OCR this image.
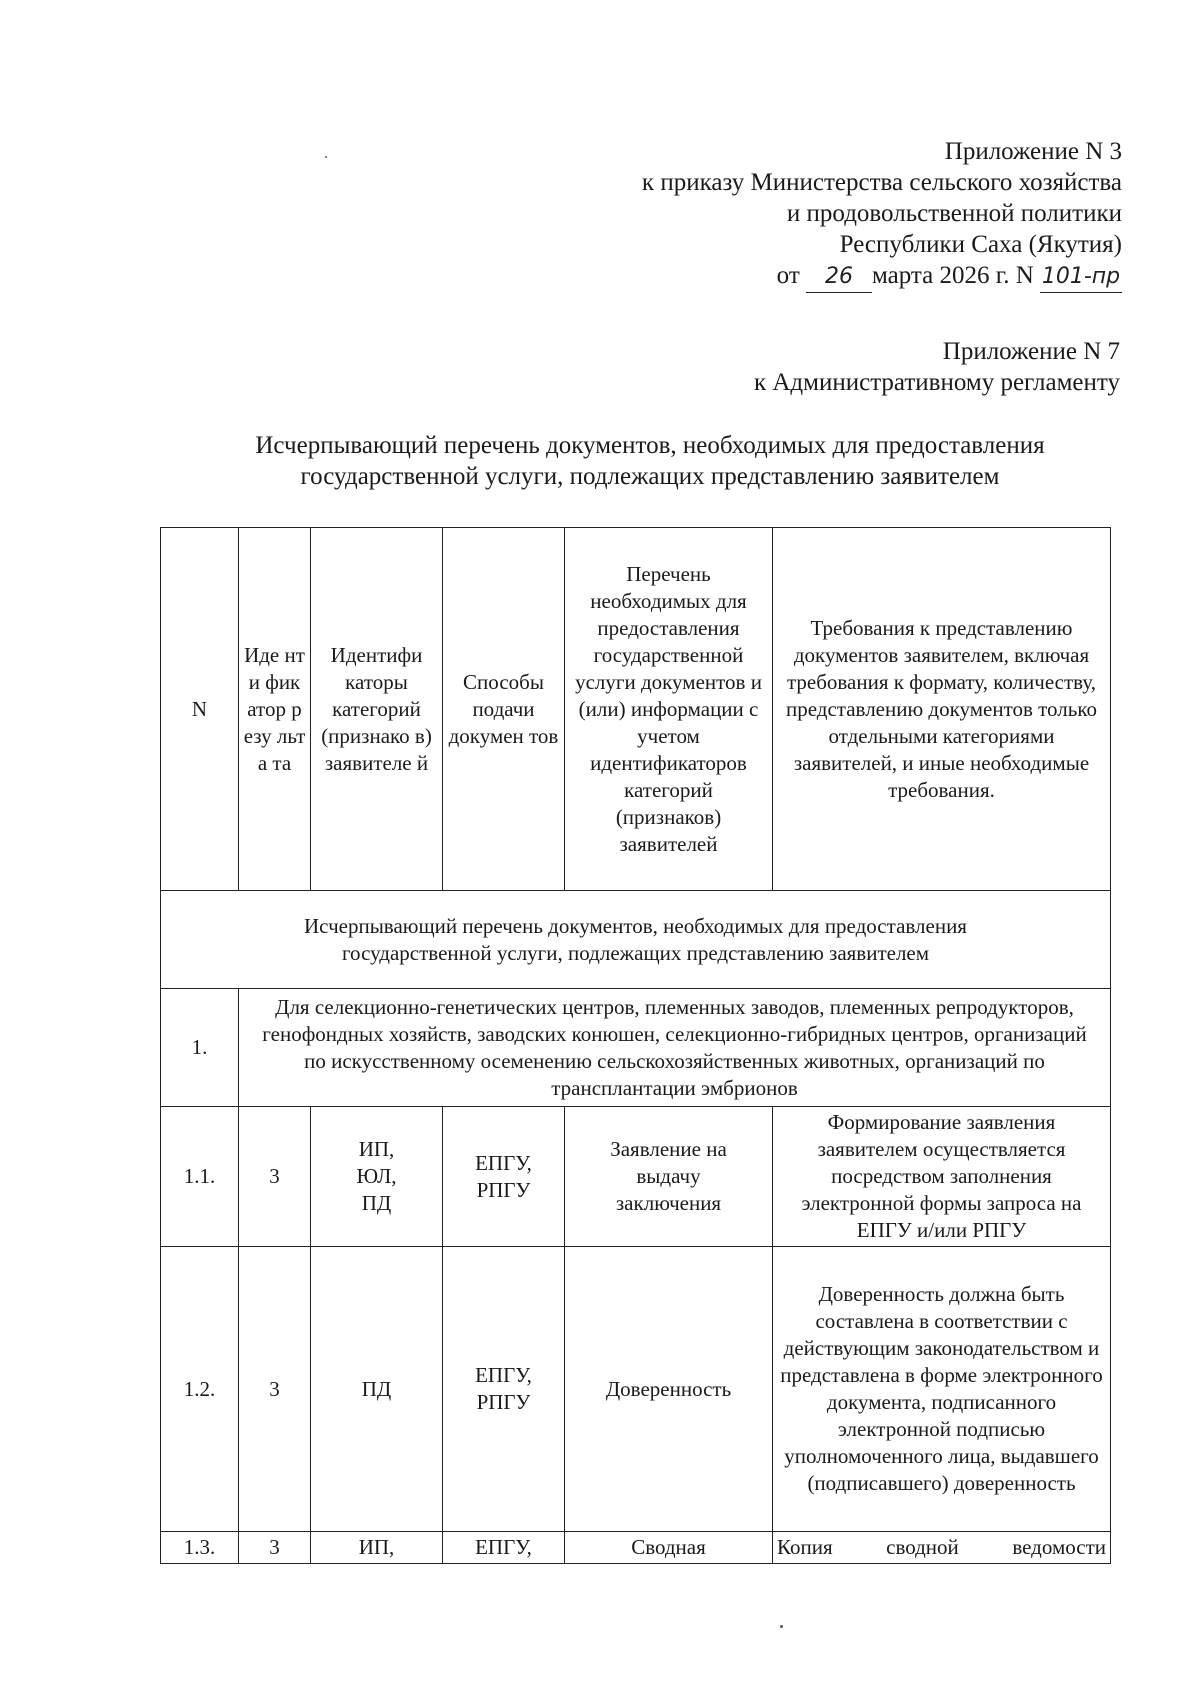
Приложение N 3
к приказу Министерства сельского хозяйства
и продовольственной политики
Республики Саха (Якутия)
от 26 марта 2026 г. N 101-пр
Приложение N 7
к Административному регламенту
Исчерпывающий перечень документов, необходимых для предоставления
государственной услуги, подлежащих представлению заявителем
N	Иде нти фик атор резу льта та	Идентифи каторы категорий (признако в) заявителе й	Способы подачи докумен тов	Перечень необходимых для предоставления государственной услуги документов и (или) информации с учетом идентификаторов категорий (признаков) заявителей	Требования к представлению документов заявителем, включая требования к формату, количеству, представлению документов только отдельными категориями заявителей, и иные необходимые требования.
Исчерпывающий перечень документов, необходимых для предоставления государственной услуги, подлежащих представлению заявителем					
1.	Для селекционно-генетических центров, племенных заводов, племенных репродукторов, генофондных хозяйств, заводских конюшен, селекционно-гибридных центров, организаций по искусственному осеменению сельскохозяйственных животных, организаций по трансплантации эмбрионов				
1.1.	3	ИП, ЮЛ, ПД	ЕПГУ, РПГУ	Заявление на выдачу заключения	Формирование заявления заявителем осуществляется посредством заполнения электронной формы запроса на ЕПГУ и/или РПГУ
1.2.	3	ПД	ЕПГУ, РПГУ	Доверенность	Доверенность должна быть составлена в соответствии с действующим законодательством и представлена в форме электронного документа, подписанного электронной подписью уполномоченного лица, выдавшего (подписавшего) доверенность
1.3.	3	ИП,	ЕПГУ,	Сводная	Копия сводной ведомости
